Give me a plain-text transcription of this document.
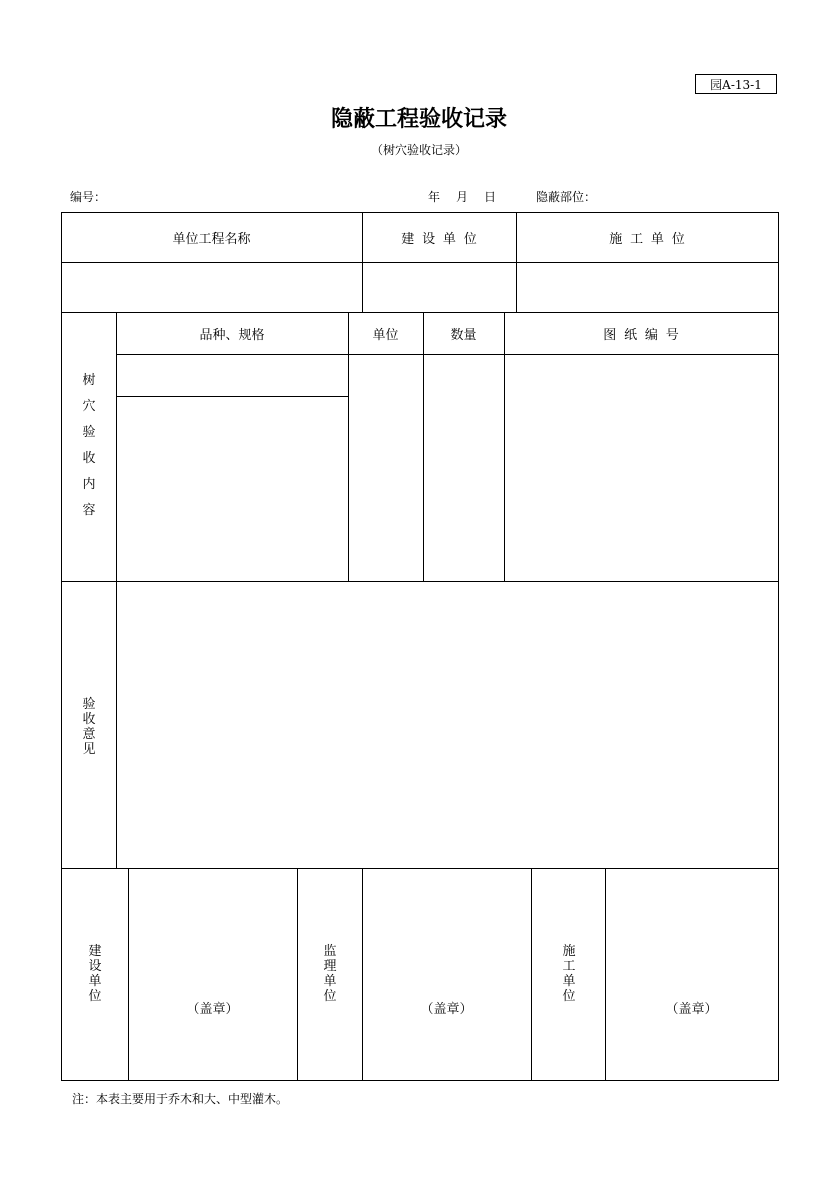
园A-13-1
隐蔽工程验收记录
（树穴验收记录）
编号：	年 月 日	隐蔽部位：
单位工程名称	建设单位	施工单位
树穴验收内容
品种、规格	单位	数量	图纸编号
验收意见
建设单位
（盖章）
监理单位
（盖章）
施工单位
（盖章）
注：本表主要用于乔木和大、中型灌木。
